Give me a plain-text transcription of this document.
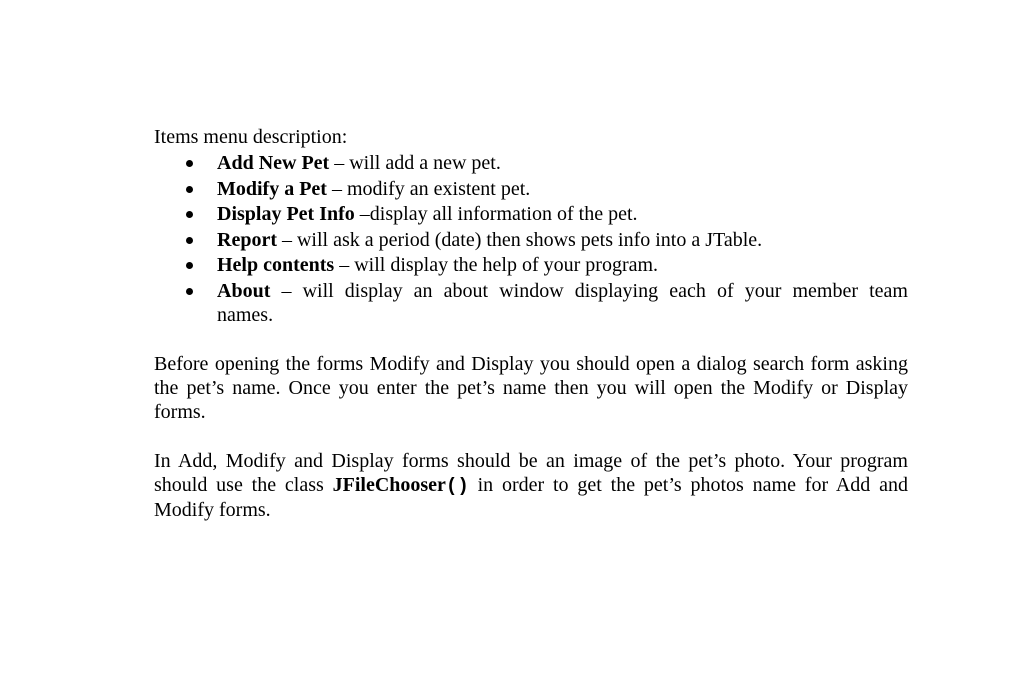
Items menu description:
Add New Pet – will add a new pet.
Modify a Pet – modify an existent pet.
Display Pet Info –display all information of the pet.
Report – will ask a period (date) then shows pets info into a JTable.
Help contents – will display the help of your program.
About – will display an about window displaying each of your member team names.

Before opening the forms Modify and Display you should open a dialog search form asking the pet’s name. Once you enter the pet’s name then you will open the Modify or Display forms.

In Add, Modify and Display forms should be an image of the pet’s photo. Your program should use the class JFileChooser() in order to get the pet’s photos name for Add and Modify forms.
